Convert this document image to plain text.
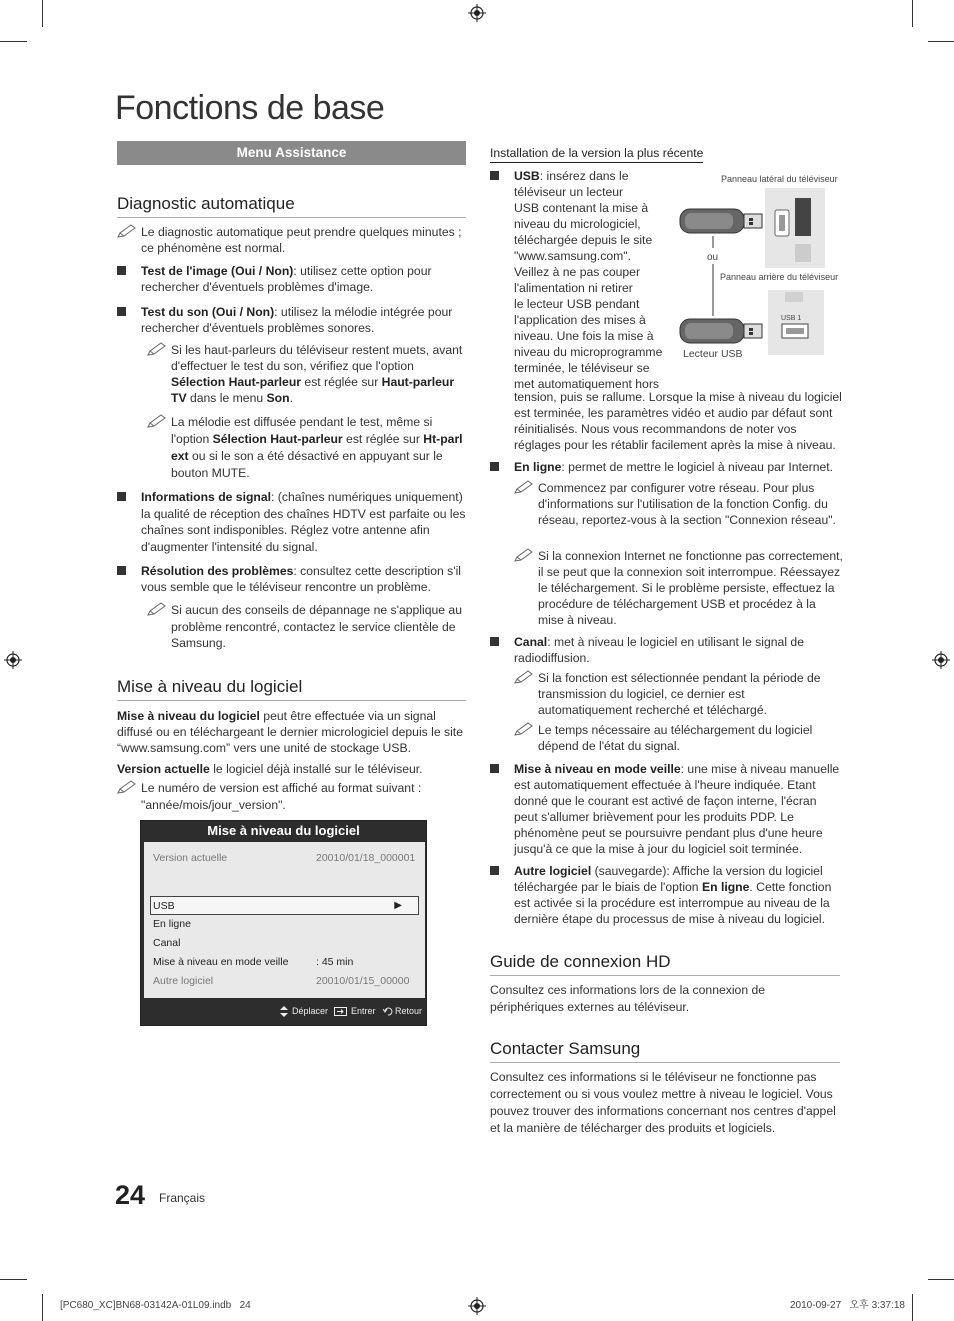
Fonctions de base
Menu Assistance
Diagnostic automatique
Le diagnostic automatique peut prendre quelques minutes ; ce phénomène est normal.
Test de l'image (Oui / Non): utilisez cette option pour rechercher d'éventuels problèmes d'image.
Test du son (Oui / Non): utilisez la mélodie intégrée pour rechercher d'éventuels problèmes sonores.
Si les haut-parleurs du téléviseur restent muets, avant d'effectuer le test du son, vérifiez que l'option Sélection Haut-parleur est réglée sur Haut-parleur TV dans le menu Son.
La mélodie est diffusée pendant le test, même si l'option Sélection Haut-parleur est réglée sur Ht-parl ext ou si le son a été désactivé en appuyant sur le bouton MUTE.
Informations de signal: (chaînes numériques uniquement) la qualité de réception des chaînes HDTV est parfaite ou les chaînes sont indisponibles. Réglez votre antenne afin d'augmenter l'intensité du signal.
Résolution des problèmes: consultez cette description s'il vous semble que le téléviseur rencontre un problème.
Si aucun des conseils de dépannage ne s'applique au problème rencontré, contactez le service clientèle de Samsung.
Mise à niveau du logiciel
Mise à niveau du logiciel peut être effectuée via un signal diffusé ou en téléchargeant le dernier micrologiciel depuis le site “www.samsung.com” vers une unité de stockage USB.
Version actuelle le logiciel déjà installé sur le téléviseur.
Le numéro de version est affiché au format suivant : "année/mois/jour_version".
Mise à niveau du logiciel
Version actuelle	20010/01/18_000001
USB	▶
En ligne
Canal
Mise à niveau en mode veille	: 45 min
Autre logiciel	20010/01/15_00000
Déplacer	Entrer Retour
Installation de la version la plus récente
USB: insérez dans le
téléviseur un lecteur
USB contenant la mise à
niveau du micrologiciel,
téléchargée depuis le site
"www.samsung.com".
Veillez à ne pas couper
l'alimentation ni retirer
le lecteur USB pendant
l'application des mises à
niveau. Une fois la mise à
niveau du microprogramme
terminée, le téléviseur se
met automatiquement hors
tension, puis se rallume. Lorsque la mise à niveau du logiciel est terminée, les paramètres vidéo et audio par défaut sont réinitialisés. Nous vous recommandons de noter vos réglages pour les rétablir facilement après la mise à niveau.
Panneau latéral du téléviseur
ou
Panneau arrière du téléviseur
USB 1
Lecteur USB
En ligne: permet de mettre le logiciel à niveau par Internet.
Commencez par configurer votre réseau. Pour plus d'informations sur l'utilisation de la fonction Config. du réseau, reportez-vous à la section "Connexion réseau".
Si la connexion Internet ne fonctionne pas correctement, il se peut que la connexion soit interrompue. Réessayez le téléchargement. Si le problème persiste, effectuez la procédure de téléchargement USB et procédez à la mise à niveau.
Canal: met à niveau le logiciel en utilisant le signal de radiodiffusion.
Si la fonction est sélectionnée pendant la période de transmission du logiciel, ce dernier est automatiquement recherché et téléchargé.
Le temps nécessaire au téléchargement du logiciel dépend de l'état du signal.
Mise à niveau en mode veille: une mise à niveau manuelle est automatiquement effectuée à l'heure indiquée. Etant donné que le courant est activé de façon interne, l'écran peut s'allumer brièvement pour les produits PDP. Le phénomène peut se poursuivre pendant plus d'une heure jusqu'à ce que la mise à jour du logiciel soit terminée.
Autre logiciel (sauvegarde): Affiche la version du logiciel téléchargée par le biais de l'option En ligne. Cette fonction est activée si la procédure est interrompue au niveau de la dernière étape du processus de mise à niveau du logiciel.
Guide de connexion HD
Consultez ces informations lors de la connexion de périphériques externes au téléviseur.
Contacter Samsung
Consultez ces informations si le téléviseur ne fonctionne pas correctement ou si vous voulez mettre à niveau le logiciel. Vous pouvez trouver des informations concernant nos centres d'appel et la manière de télécharger des produits et logiciels.
24 Français
[PC680_XC]BN68-03142A-01L09.indb   24	2010-09-27   오후 3:37:18
